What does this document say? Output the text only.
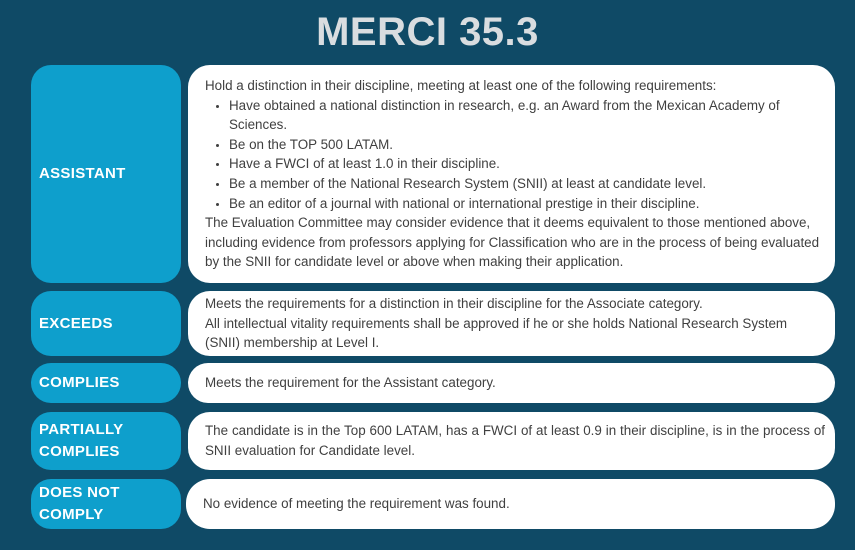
MERCI 35.3
ASSISTANT

Hold a distinction in their discipline, meeting at least one of the following requirements:

• Have obtained a national distinction in research, e.g. an Award from the Mexican Academy of Sciences.
• Be on the TOP 500 LATAM.
• Have a FWCI of at least 1.0 in their discipline.
• Be a member of the National Research System (SNII) at least at candidate level.
• Be an editor of a journal with national or international prestige in their discipline.

The Evaluation Committee may consider evidence that it deems equivalent to those mentioned above, including evidence from professors applying for Classification who are in the process of being evaluated by the SNII for candidate level or above when making their application.

EXCEEDS

Meets the requirements for a distinction in their discipline for the Associate category.

All intellectual vitality requirements shall be approved if he or she holds National Research System (SNII) membership at Level I.

COMPLIES	Meets the requirement for the Assistant category.

PARTIALLY COMPLIES

The candidate is in the Top 600 LATAM, has a FWCI of at least 0.9 in their discipline, is in the process of SNII evaluation for Candidate level.

DOES NOT COMPLY

No evidence of meeting the requirement was found.
